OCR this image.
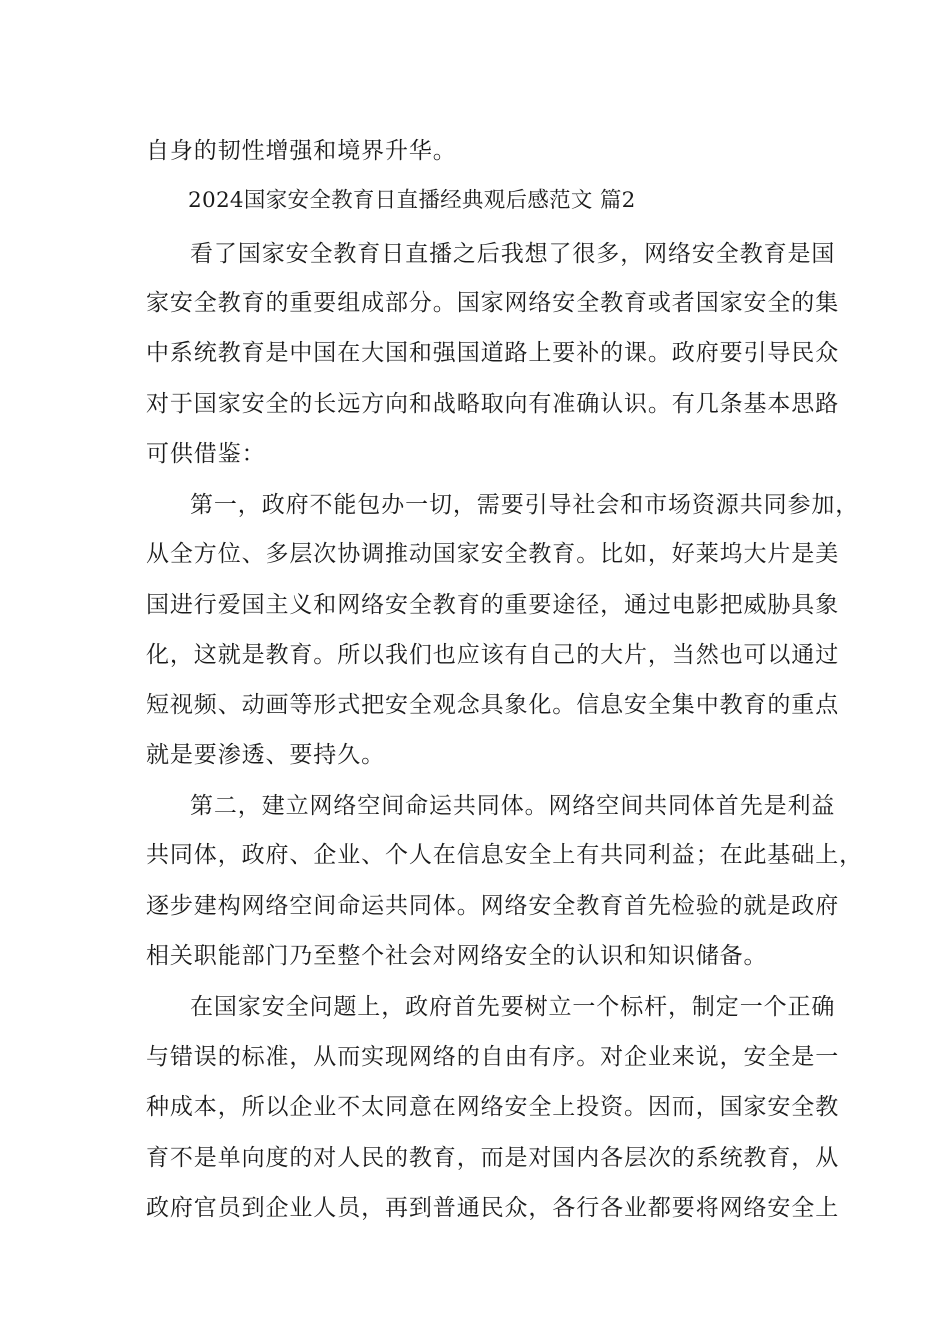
自身的韧性增强和境界升华。
2024国家安全教育日直播经典观后感范文 篇2
看了国家安全教育日直播之后我想了很多，网络安全教育是国
家安全教育的重要组成部分。国家网络安全教育或者国家安全的集
中系统教育是中国在大国和强国道路上要补的课。政府要引导民众
对于国家安全的长远方向和战略取向有准确认识。有几条基本思路
可供借鉴：
第一，政府不能包办一切，需要引导社会和市场资源共同参加，
从全方位、多层次协调推动国家安全教育。比如，好莱坞大片是美
国进行爱国主义和网络安全教育的重要途径，通过电影把威胁具象
化，这就是教育。所以我们也应该有自己的大片，当然也可以通过
短视频、动画等形式把安全观念具象化。信息安全集中教育的重点
就是要渗透、要持久。
第二，建立网络空间命运共同体。网络空间共同体首先是利益
共同体，政府、企业、个人在信息安全上有共同利益；在此基础上，
逐步建构网络空间命运共同体。网络安全教育首先检验的就是政府
相关职能部门乃至整个社会对网络安全的认识和知识储备。
在国家安全问题上，政府首先要树立一个标杆，制定一个正确
与错误的标准，从而实现网络的自由有序。对企业来说，安全是一
种成本，所以企业不太同意在网络安全上投资。因而，国家安全教
育不是单向度的对人民的教育，而是对国内各层次的系统教育，从
政府官员到企业人员，再到普通民众，各行各业都要将网络安全上
